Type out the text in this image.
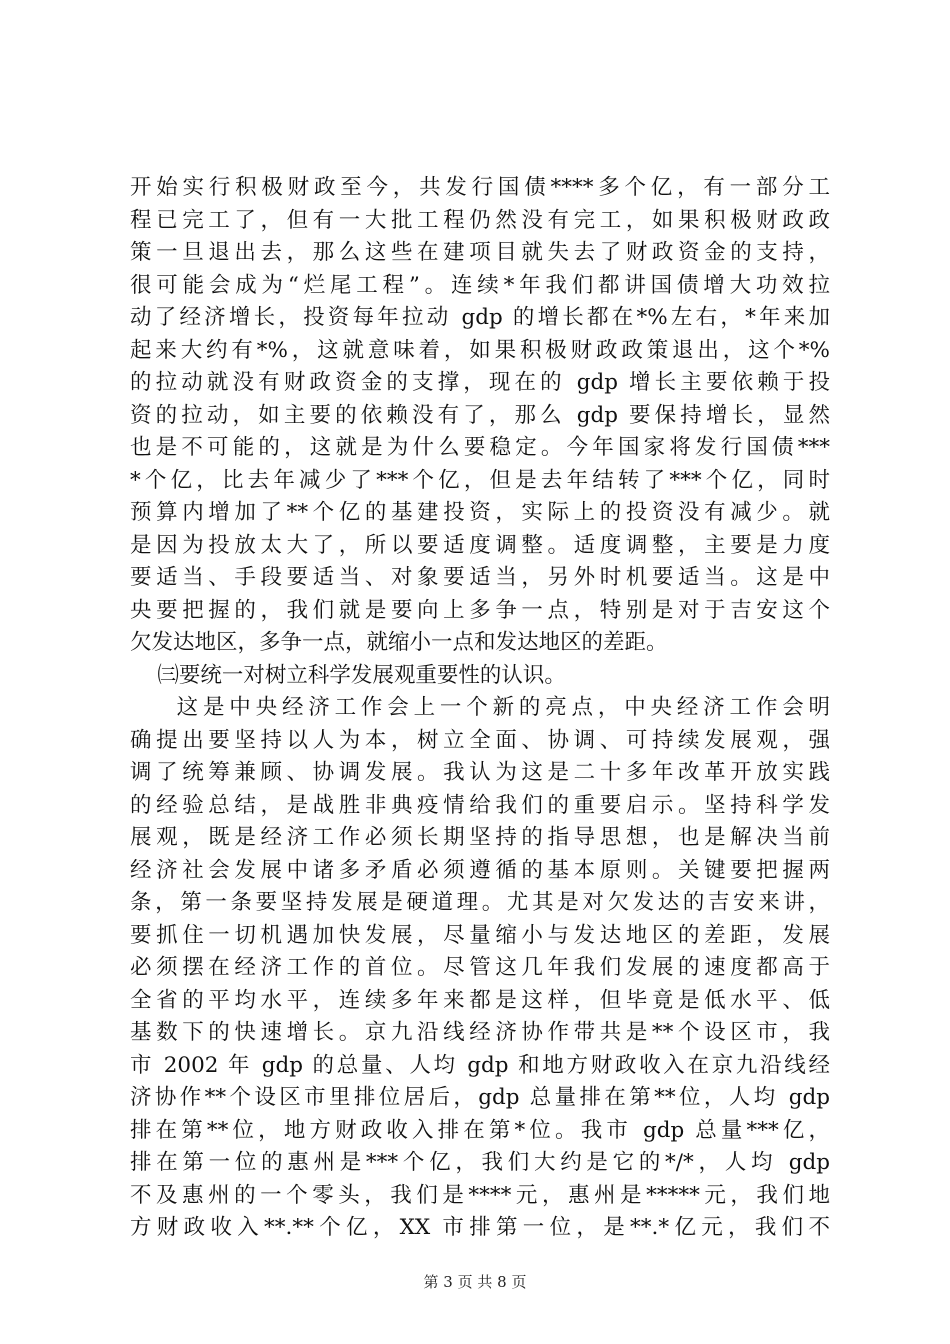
开始实行积极财政至今，共发行国债****多个亿，有一部分工
程已完工了，但有一大批工程仍然没有完工，如果积极财政政
策一旦退出去，那么这些在建项目就失去了财政资金的支持，
很可能会成为“烂尾工程”。连续*年我们都讲国债增大功效拉
动了经济增长，投资每年拉动 gdp 的增长都在*%左右，*年来加
起来大约有*%，这就意味着，如果积极财政政策退出，这个*%
的拉动就没有财政资金的支撑，现在的 gdp 增长主要依赖于投
资的拉动，如主要的依赖没有了，那么 gdp 要保持增长，显然
也是不可能的，这就是为什么要稳定。今年国家将发行国债***
*个亿，比去年减少了***个亿，但是去年结转了***个亿，同时
预算内增加了**个亿的基建投资，实际上的投资没有减少。就
是因为投放太大了，所以要适度调整。适度调整，主要是力度
要适当、手段要适当、对象要适当，另外时机要适当。这是中
央要把握的，我们就是要向上多争一点，特别是对于吉安这个
欠发达地区，多争一点，就缩小一点和发达地区的差距。
㈢要统一对树立科学发展观重要性的认识。
这是中央经济工作会上一个新的亮点，中央经济工作会明
确提出要坚持以人为本，树立全面、协调、可持续发展观，强
调了统筹兼顾、协调发展。我认为这是二十多年改革开放实践
的经验总结，是战胜非典疫情给我们的重要启示。坚持科学发
展观，既是经济工作必须长期坚持的指导思想，也是解决当前
经济社会发展中诸多矛盾必须遵循的基本原则。关键要把握两
条，第一条要坚持发展是硬道理。尤其是对欠发达的吉安来讲，
要抓住一切机遇加快发展，尽量缩小与发达地区的差距，发展
必须摆在经济工作的首位。尽管这几年我们发展的速度都高于
全省的平均水平，连续多年来都是这样，但毕竟是低水平、低
基数下的快速增长。京九沿线经济协作带共是**个设区市，我
市 2002 年 gdp 的总量、人均 gdp 和地方财政收入在京九沿线经
济协作**个设区市里排位居后，gdp 总量排在第**位，人均 gdp
排在第**位，地方财政收入排在第*位。我市 gdp 总量***亿，
排在第一位的惠州是***个亿，我们大约是它的*/*，人均 gdp
不及惠州的一个零头，我们是****元，惠州是*****元，我们地
方财政收入**.**个亿，XX 市排第一位，是**.*亿元，我们不
第 3 页 共 8 页
